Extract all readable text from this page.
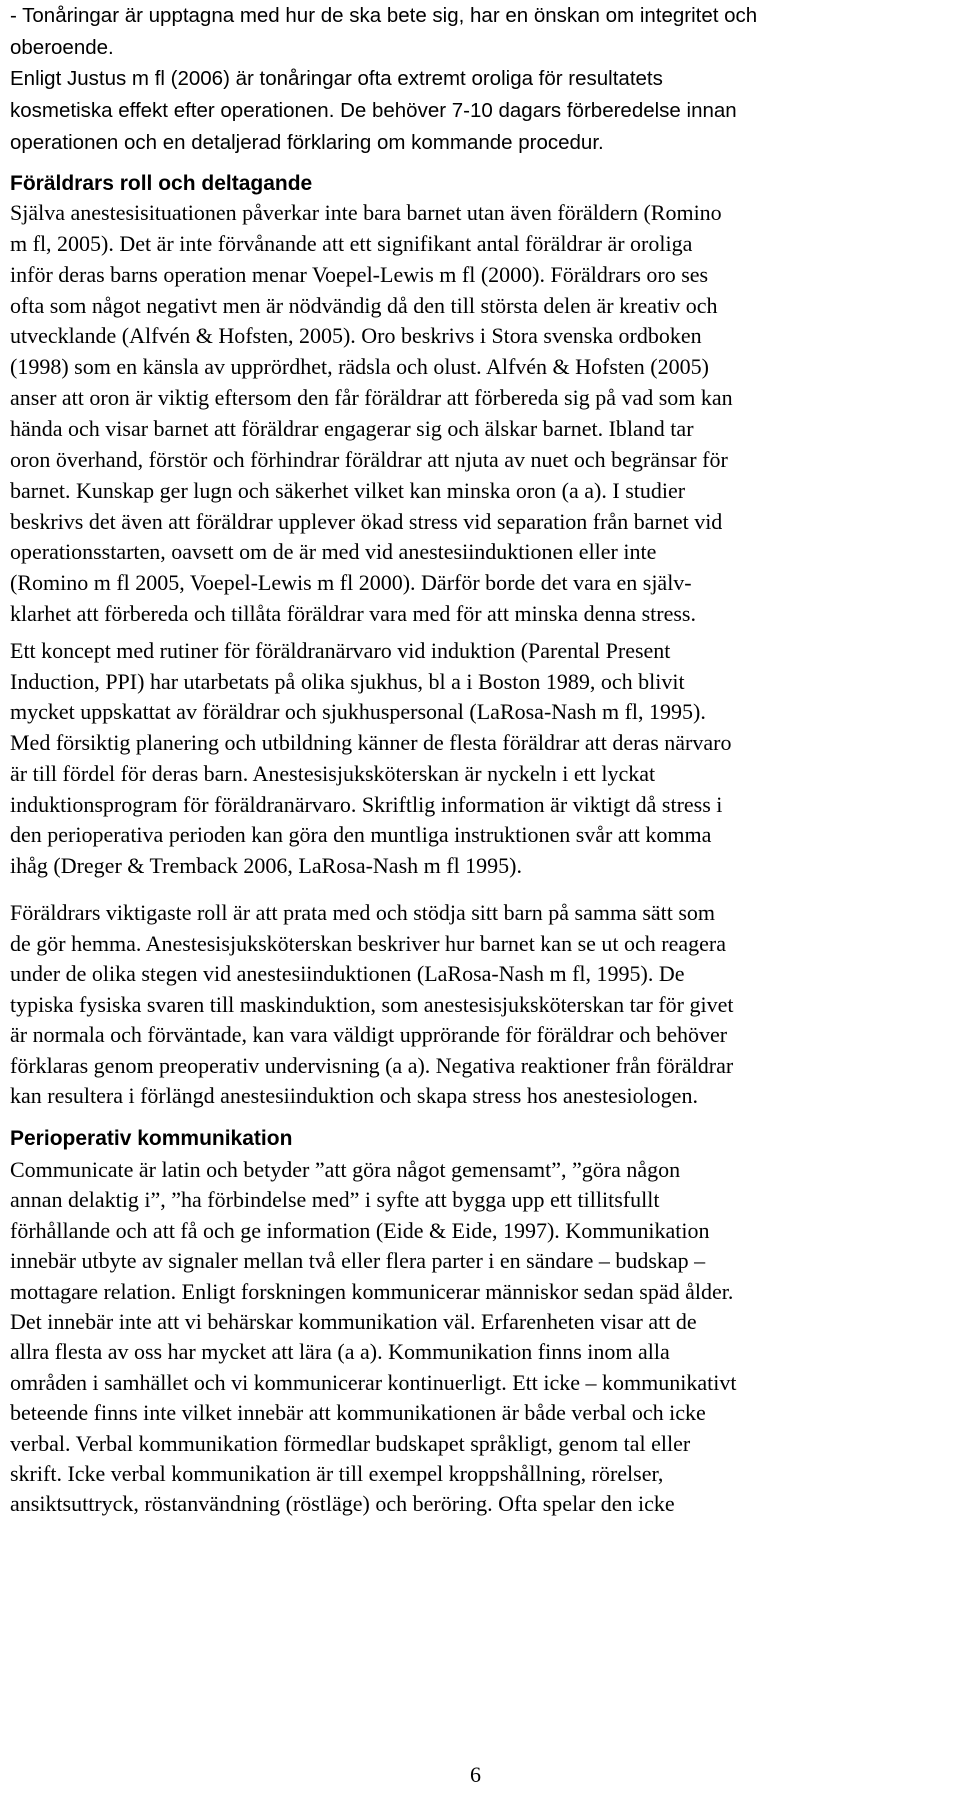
- Tonåringar är upptagna med hur de ska bete sig, har en önskan om integritet och
oberoende.
Enligt Justus m fl (2006) är tonåringar ofta extremt oroliga för resultatets
kosmetiska effekt efter operationen. De behöver 7-10 dagars förberedelse innan
operationen och en detaljerad förklaring om kommande procedur.
Föräldrars roll och deltagande
Själva anestesisituationen påverkar inte bara barnet utan även föräldern (Romino
m fl, 2005). Det är inte förvånande att ett signifikant antal föräldrar är oroliga
inför deras barns operation menar Voepel-Lewis m fl (2000). Föräldrars oro ses
ofta som något negativt men är nödvändig då den till största delen är kreativ och
utvecklande (Alfvén & Hofsten, 2005). Oro beskrivs i Stora svenska ordboken
(1998) som en känsla av upprördhet, rädsla och olust. Alfvén & Hofsten (2005)
anser att oron är viktig eftersom den får föräldrar att förbereda sig på vad som kan
hända och visar barnet att föräldrar engagerar sig och älskar barnet. Ibland tar
oron överhand, förstör och förhindrar föräldrar att njuta av nuet och begränsar för
barnet. Kunskap ger lugn och säkerhet vilket kan minska oron (a a). I studier
beskrivs det även att föräldrar upplever ökad stress vid separation från barnet vid
operationsstarten, oavsett om de är med vid anestesiinduktionen eller inte
(Romino m fl 2005, Voepel-Lewis m fl 2000). Därför borde det vara en själv-
klarhet att förbereda och tillåta föräldrar vara med för att minska denna stress.
Ett koncept med rutiner för föräldranärvaro vid induktion (Parental Present
Induction, PPI) har utarbetats på olika sjukhus, bl a i Boston 1989, och blivit
mycket uppskattat av föräldrar och sjukhuspersonal (LaRosa-Nash m fl, 1995).
Med försiktig planering och utbildning känner de flesta föräldrar att deras närvaro
är till fördel för deras barn. Anestesisjuksköterskan är nyckeln i ett lyckat
induktionsprogram för föräldranärvaro. Skriftlig information är viktigt då stress i
den perioperativa perioden kan göra den muntliga instruktionen svår att komma
ihåg (Dreger & Tremback 2006, LaRosa-Nash m fl 1995).
Föräldrars viktigaste roll är att prata med och stödja sitt barn på samma sätt som
de gör hemma. Anestesisjuksköterskan beskriver hur barnet kan se ut och reagera
under de olika stegen vid anestesiinduktionen (LaRosa-Nash m fl, 1995). De
typiska fysiska svaren till maskinduktion, som anestesisjuksköterskan tar för givet
är normala och förväntade, kan vara väldigt upprörande för föräldrar och behöver
förklaras genom preoperativ undervisning (a a). Negativa reaktioner från föräldrar
kan resultera i förlängd anestesiinduktion och skapa stress hos anestesiologen.
Perioperativ kommunikation
Communicate är latin och betyder ”att göra något gemensamt”, ”göra någon
annan delaktig i”, ”ha förbindelse med” i syfte att bygga upp ett tillitsfullt
förhållande och att få och ge information (Eide & Eide, 1997). Kommunikation
innebär utbyte av signaler mellan två eller flera parter i en sändare – budskap –
mottagare relation. Enligt forskningen kommunicerar människor sedan späd ålder.
Det innebär inte att vi behärskar kommunikation väl. Erfarenheten visar att de
allra flesta av oss har mycket att lära (a a). Kommunikation finns inom alla
områden i samhället och vi kommunicerar kontinuerligt. Ett icke – kommunikativt
beteende finns inte vilket innebär att kommunikationen är både verbal och icke
verbal. Verbal kommunikation förmedlar budskapet språkligt, genom tal eller
skrift. Icke verbal kommunikation är till exempel kroppshållning, rörelser,
ansiktsuttryck, röstanvändning (röstläge) och beröring. Ofta spelar den icke
6
